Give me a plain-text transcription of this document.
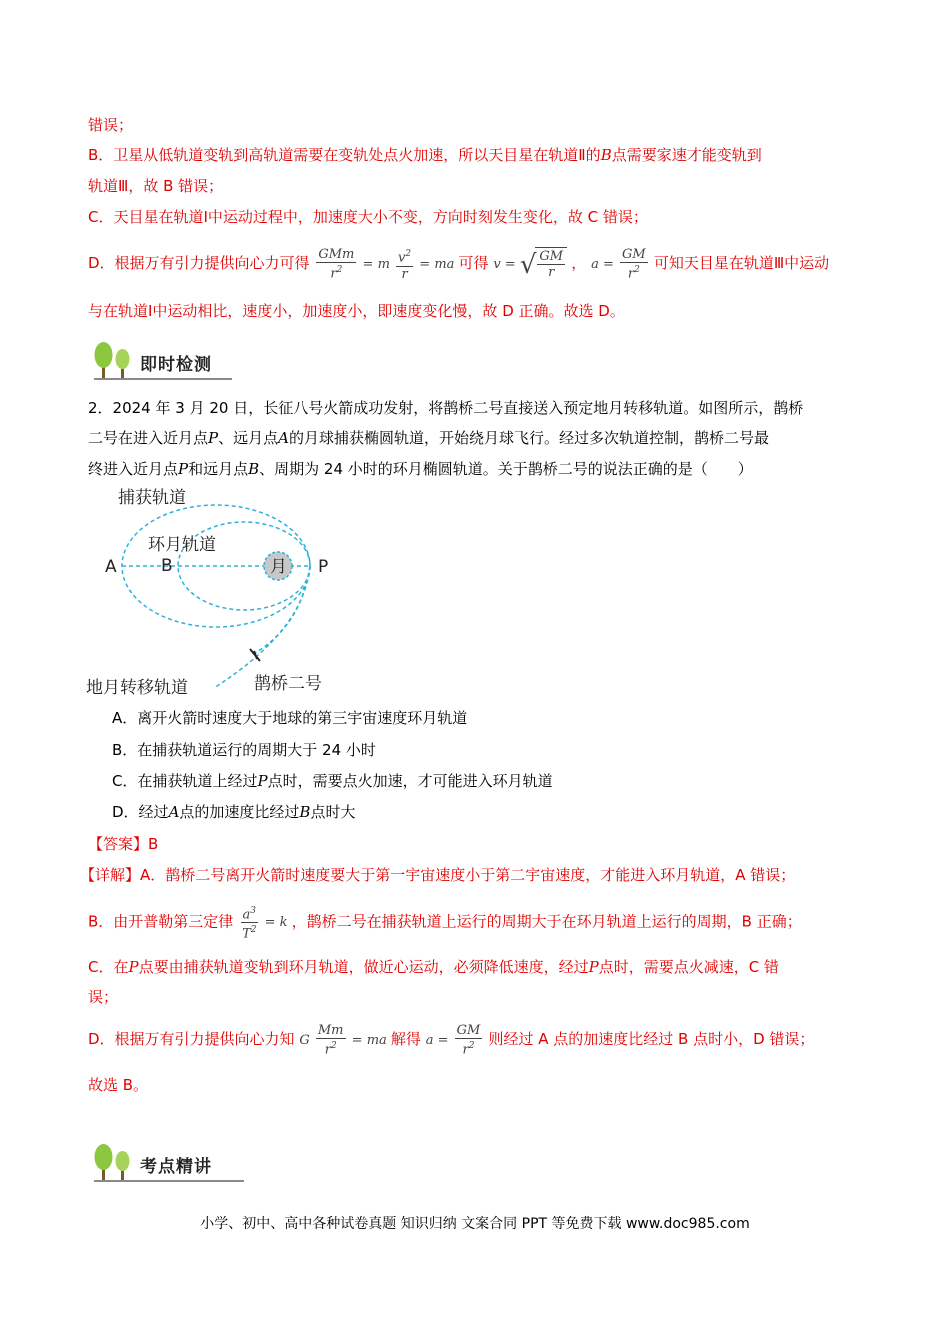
错误；
B．卫星从低轨道变轨到高轨道需要在变轨处点火加速，所以天目星在轨道Ⅱ的B点需要家速才能变轨到
轨道Ⅲ，故 B 错误；
C．天目星在轨道Ⅰ中运动过程中，加速度大小不变，方向时刻发生变化，故 C 错误；
D．根据万有引力提供向心力可得 $\frac{\text{GMm}}{r^2} = m \frac{v^2}{r}$ = ma 可得 v = √ $\frac{GM}{r}$ ， $a = \frac{GM}{r^2}$ 可知天目星在轨道Ⅲ中运动
与在轨道Ⅰ中运动相比，速度小，加速度小，即速度变化慢，故 D 正确。故选 D。
即时检测
2．2024 年 3 月 20 日，长征八号火箭成功发射，将鹊桥二号直接送入预定地月转移轨道。如图所示，鹊桥
二号在进入近月点P、远月点A的月球捕获椭圆轨道，开始绕月球飞行。经过多次轨道控制，鹊桥二号最
终进入近月点P和远月点B、周期为 24 小时的环月椭圆轨道。关于鹊桥二号的说法正确的是（　　）
捕获轨道
环月轨道
A	B	月 P
地月转移轨道	鹊桥二号
A．离开火箭时速度大于地球的第三宇宙速度环月轨道
B．在捕获轨道运行的周期大于 24 小时
C．在捕获轨道上经过P点时，需要点火加速，才可能进入环月轨道
D．经过A点的加速度比经过B点时大
【答案】B
【详解】A．鹊桥二号离开火箭时速度要大于第一宇宙速度小于第二宇宙速度，才能进入环月轨道，A 错误；
B．由开普勒第三定律 $\frac{a^3}{T^2} = k$ ，鹊桥二号在捕获轨道上运行的周期大于在环月轨道上运行的周期，B 正确；
C．在P点要由捕获轨道变轨到环月轨道，做近心运动，必须降低速度，经过P点时，需要点火减速，C 错
误；
D．根据万有引力提供向心力知 G $\frac{Mm}{r^2}$ = ma 解得 $a = \frac{GM}{r^2}$ 则经过 A 点的加速度比经过 B 点时小，D 错误；
故选 B。
考点精讲
小学、初中、高中各种试卷真题 知识归纳 文案合同 PPT 等免费下载 www.doc985.com
